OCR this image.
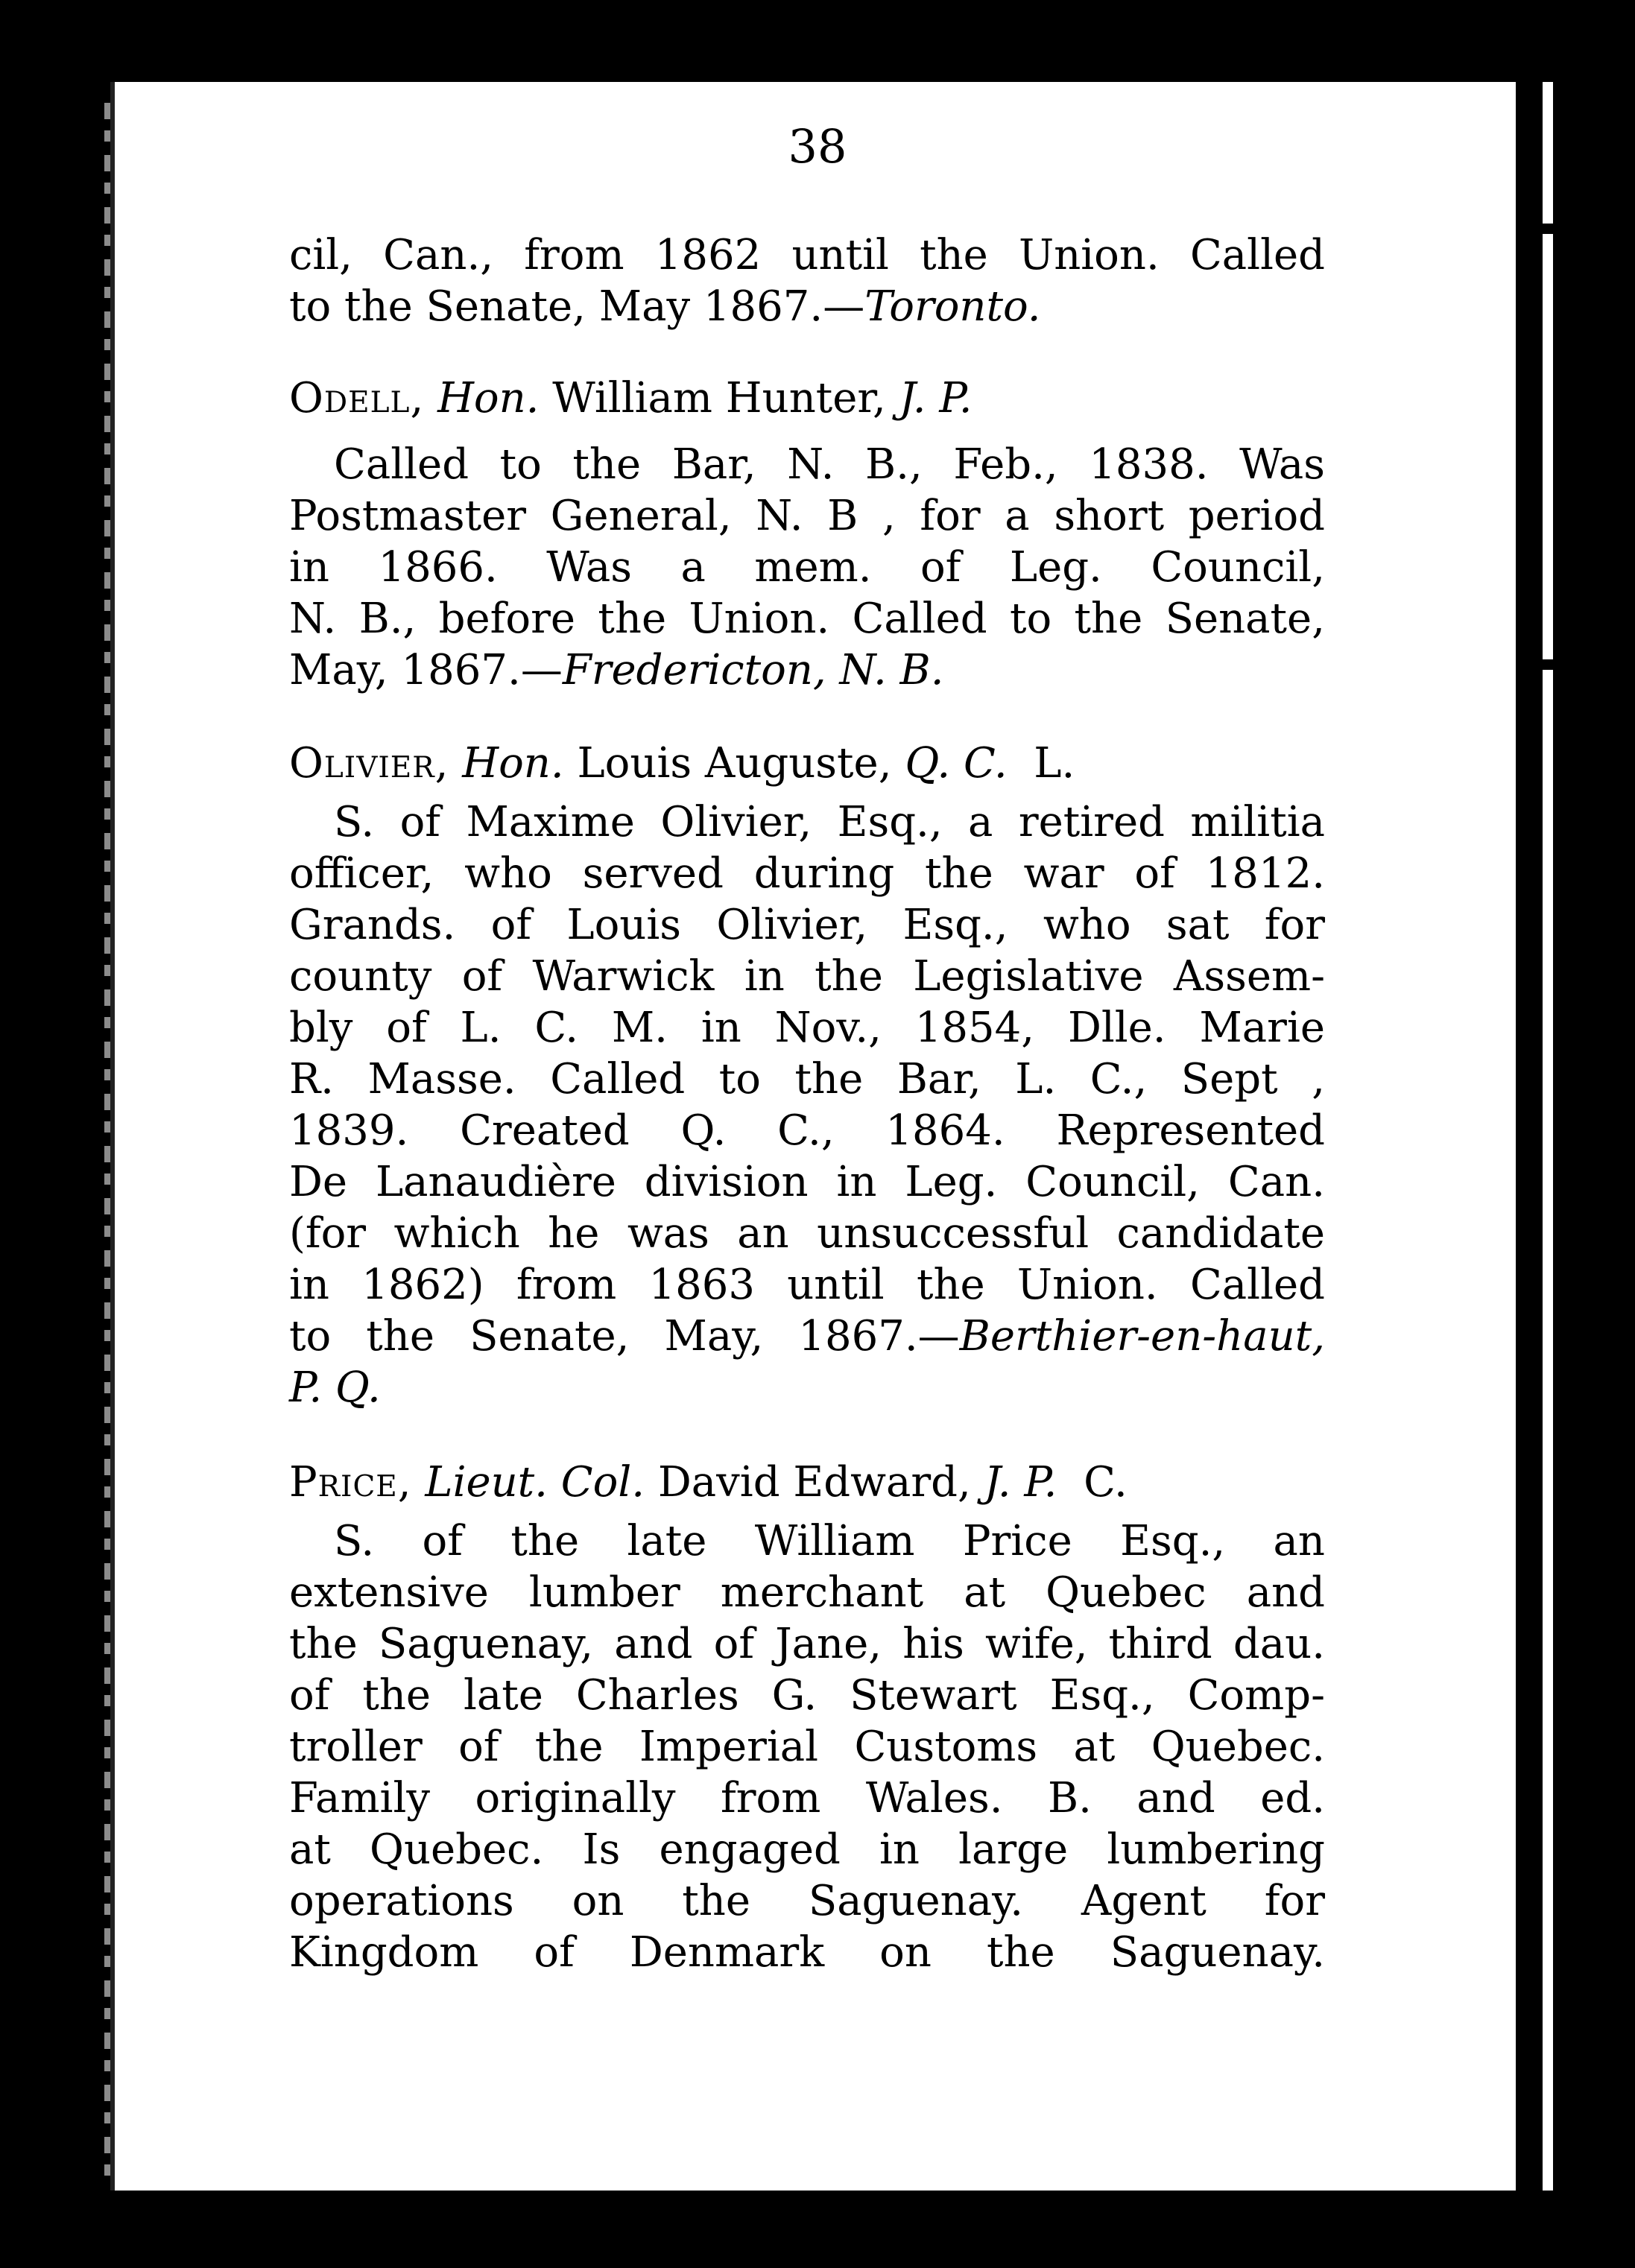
38
cil, Can., from 1862 until the Union. Called
to the Senate, May 1867.—Toronto.

Odell, Hon. William Hunter, J. P.

Called to the Bar, N. B., Feb., 1838. Was
Postmaster General, N. B , for a short period
in 1866. Was a mem. of Leg. Council,
N. B., before the Union. Called to the Senate,
May, 1867.—Fredericton, N. B.

Olivier, Hon. Louis Auguste, Q. C. L.

S. of Maxime Olivier, Esq., a retired militia
officer, who served during the war of 1812.
Grands. of Louis Olivier, Esq., who sat for
county of Warwick in the Legislative Assem-
bly of L. C. M. in Nov., 1854, Dlle. Marie
R. Masse. Called to the Bar, L. C., Sept ,
1839. Created Q. C., 1864. Represented
De Lanaudière division in Leg. Council, Can.
(for which he was an unsuccessful candidate
in 1862) from 1863 until the Union. Called
to the Senate, May, 1867.—Berthier-en-haut,
P. Q.

Price, Lieut. Col. David Edward, J. P. C.

S. of the late William Price Esq., an
extensive lumber merchant at Quebec and
the Saguenay, and of Jane, his wife, third dau.
of the late Charles G. Stewart Esq., Comp-
troller of the Imperial Customs at Quebec.
Family originally from Wales. B. and ed.
at Quebec. Is engaged in large lumbering
operations on the Saguenay. Agent for
Kingdom of Denmark on the Saguenay.
